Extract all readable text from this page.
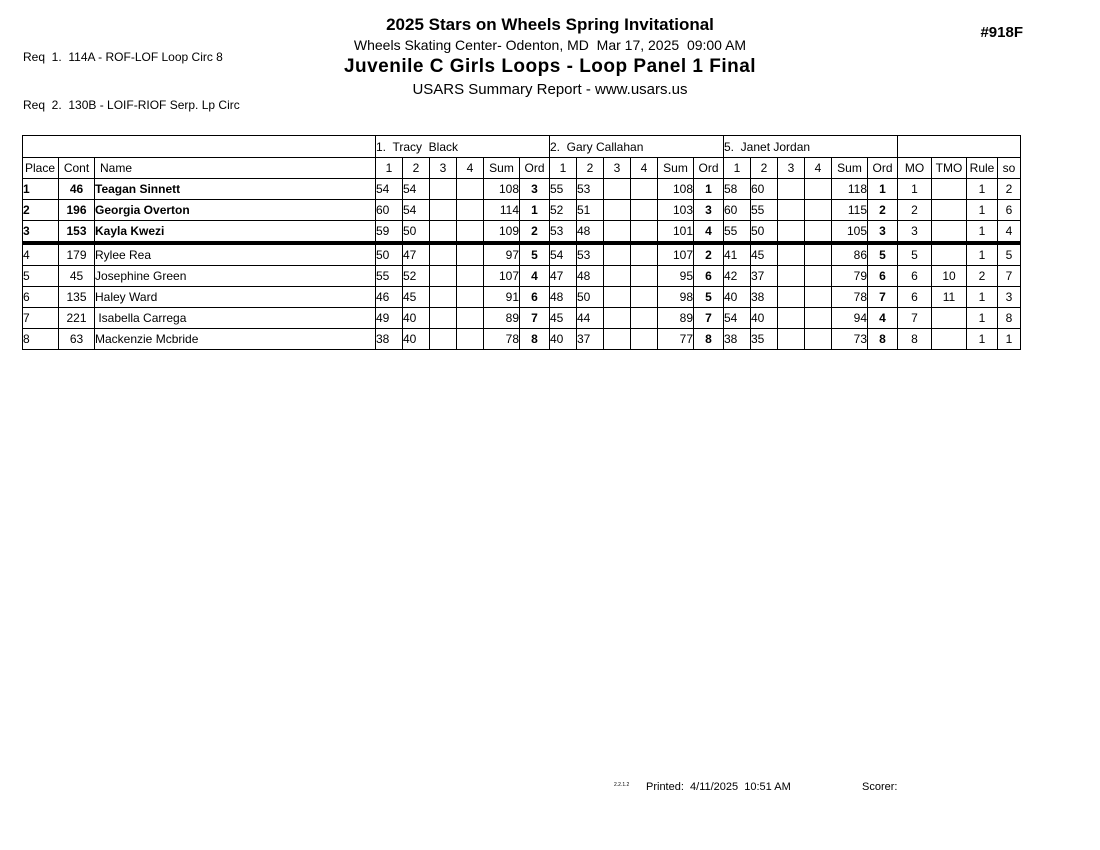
Req  1.  114A - ROF-LOF Loop Circ 8

Req  2.  130B - LOIF-RIOF Serp. Lp Circ

2025 Stars on Wheels Spring Invitational
Wheels Skating Center- Odenton, MD  Mar 17, 2025  09:00 AM
Juvenile C Girls Loops - Loop Panel 1 Final
USARS Summary Report - www.usars.us
#918F
			1.  Tracy  Black						2.  Gary Callahan						5.  Janet Jordan									
Place	Cont	Name	1	2	3	4	Sum	Ord	1	2	3	4	Sum	Ord	1	2	3	4	Sum	Ord	MO	TMO	Rule	so
1	46	Teagan Sinnett	54	54			108	3	55	53			108	1	58	60			118	1	1		1	2
2	196	Georgia Overton	60	54			114	1	52	51			103	3	60	55			115	2	2		1	6
3	153	Kayla Kwezi	59	50			109	2	53	48			101	4	55	50			105	3	3		1	4
4	179	Rylee Rea	50	47			97	5	54	53			107	2	41	45			86	5	5		1	5
5	45	Josephine Green	55	52			107	4	47	48			95	6	42	37			79	6	6	10	2	7
6	135	Haley Ward	46	45			91	6	48	50			98	5	40	38			78	7	6	11	1	3
7	221	Isabella Carrega	49	40			89	7	45	44			89	7	54	40			94	4	7		1	8
8	63	Mackenzie Mcbride	38	40			78	8	40	37			77	8	38	35			73	8	8		1	1
2.2.1.2 Printed:  4/11/2025  10:51 AM	Scorer:
